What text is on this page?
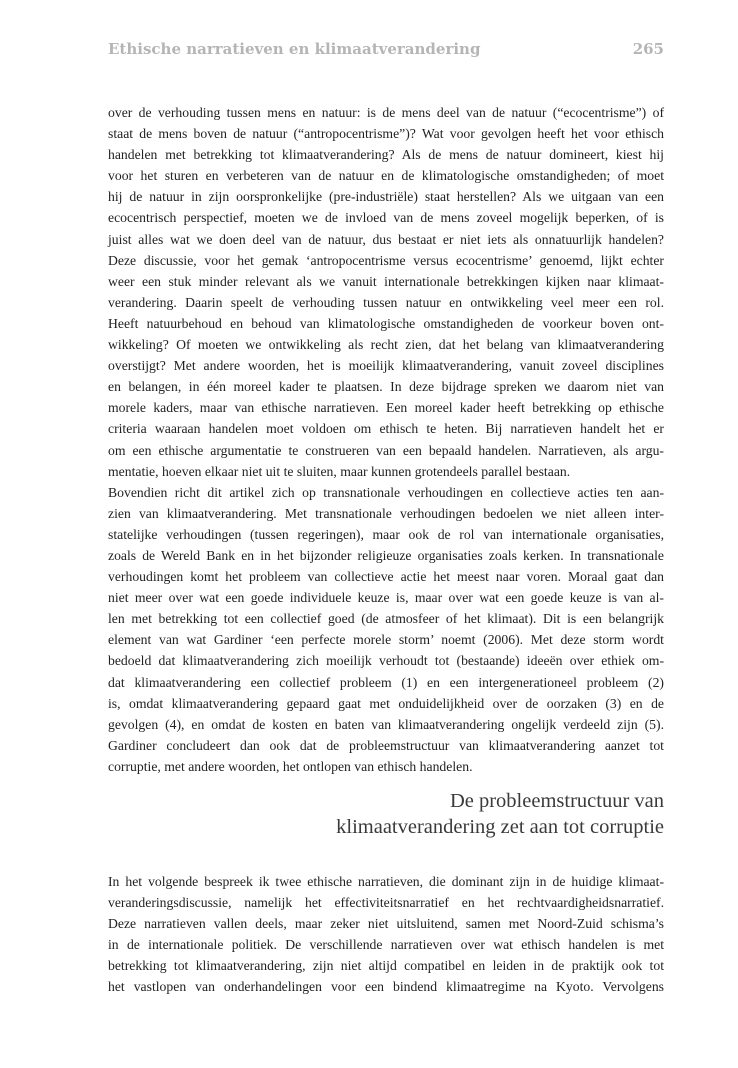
Ethische narratieven en klimaatverandering	265
over de verhouding tussen mens en natuur: is de mens deel van de natuur (“ecocentrisme”) of
staat de mens boven de natuur (“antropocentrisme”)? Wat voor gevolgen heeft het voor ethisch
handelen met betrekking tot klimaatverandering? Als de mens de natuur domineert, kiest hij
voor het sturen en verbeteren van de natuur en de klimatologische omstandigheden; of moet
hij de natuur in zijn oorspronkelijke (pre-industriële) staat herstellen? Als we uitgaan van een
ecocentrisch perspectief, moeten we de invloed van de mens zoveel mogelijk beperken, of is
juist alles wat we doen deel van de natuur, dus bestaat er niet iets als onnatuurlijk handelen?
Deze discussie, voor het gemak ‘antropocentrisme versus ecocentrisme’ genoemd, lijkt echter
weer een stuk minder relevant als we vanuit internationale betrekkingen kijken naar klimaat-
verandering. Daarin speelt de verhouding tussen natuur en ontwikkeling veel meer een rol.
Heeft natuurbehoud en behoud van klimatologische omstandigheden de voorkeur boven ont-
wikkeling? Of moeten we ontwikkeling als recht zien, dat het belang van klimaatverandering
overstijgt? Met andere woorden, het is moeilijk klimaatverandering, vanuit zoveel disciplines
en belangen, in één moreel kader te plaatsen. In deze bijdrage spreken we daarom niet van
morele kaders, maar van ethische narratieven. Een moreel kader heeft betrekking op ethische
criteria waaraan handelen moet voldoen om ethisch te heten. Bij narratieven handelt het er
om een ethische argumentatie te construeren van een bepaald handelen. Narratieven, als argu-
mentatie, hoeven elkaar niet uit te sluiten, maar kunnen grotendeels parallel bestaan.
Bovendien richt dit artikel zich op transnationale verhoudingen en collectieve acties ten aan-
zien van klimaatverandering. Met transnationale verhoudingen bedoelen we niet alleen inter-
statelijke verhoudingen (tussen regeringen), maar ook de rol van internationale organisaties,
zoals de Wereld Bank en in het bijzonder religieuze organisaties zoals kerken. In transnationale
verhoudingen komt het probleem van collectieve actie het meest naar voren. Moraal gaat dan
niet meer over wat een goede individuele keuze is, maar over wat een goede keuze is van al-
len met betrekking tot een collectief goed (de atmosfeer of het klimaat). Dit is een belangrijk
element van wat Gardiner ‘een perfecte morele storm’ noemt (2006). Met deze storm wordt
bedoeld dat klimaatverandering zich moeilijk verhoudt tot (bestaande) ideeën over ethiek om-
dat klimaatverandering een collectief probleem (1) en een intergenerationeel probleem (2)
is, omdat klimaatverandering gepaard gaat met onduidelijkheid over de oorzaken (3) en de
gevolgen (4), en omdat de kosten en baten van klimaatverandering ongelijk verdeeld zijn (5).
Gardiner concludeert dan ook dat de probleemstructuur van klimaatverandering aanzet tot
corruptie, met andere woorden, het ontlopen van ethisch handelen.
De probleemstructuur van
klimaatverandering zet aan tot corruptie
In het volgende bespreek ik twee ethische narratieven, die dominant zijn in de huidige klimaat-
veranderingsdiscussie, namelijk het effectiviteitsnarratief en het rechtvaardigheidsnarratief.
Deze narratieven vallen deels, maar zeker niet uitsluitend, samen met Noord-Zuid schisma’s
in de internationale politiek. De verschillende narratieven over wat ethisch handelen is met
betrekking tot klimaatverandering, zijn niet altijd compatibel en leiden in de praktijk ook tot
het vastlopen van onderhandelingen voor een bindend klimaatregime na Kyoto. Vervolgens
